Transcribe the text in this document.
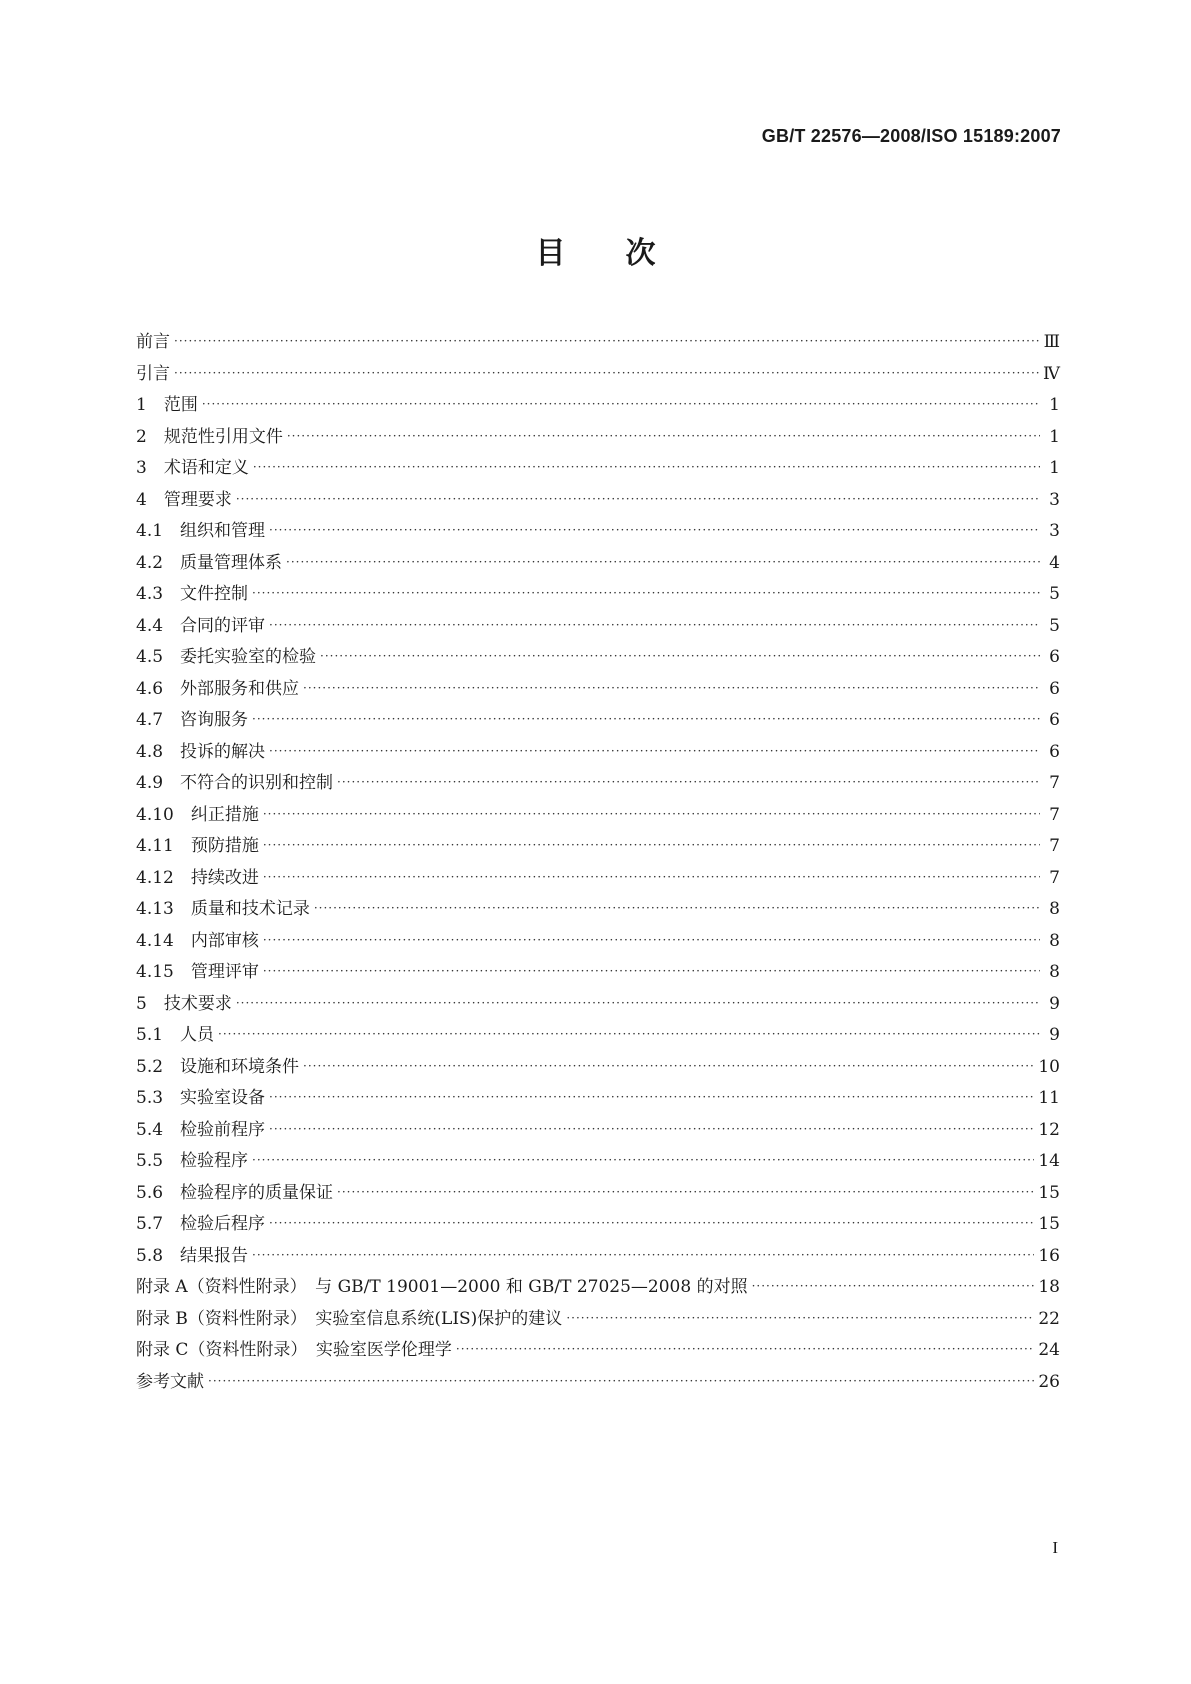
GB/T 22576—2008/ISO 15189:2007
目次
前言 ·····	Ⅲ
引言 ·····	Ⅳ
1　范围 ·····	1
2　规范性引用文件 ·····	1
3　术语和定义 ·····	1
4　管理要求 ·····	3
4.1　组织和管理 ·····	3
4.2　质量管理体系 ·····	4
4.3　文件控制 ·····	5
4.4　合同的评审 ·····	5
4.5　委托实验室的检验 ·····	6
4.6　外部服务和供应 ·····	6
4.7　咨询服务 ·····	6
4.8　投诉的解决 ·····	6
4.9　不符合的识别和控制 ·····	7
4.10　纠正措施 ·····	7
4.11　预防措施 ·····	7
4.12　持续改进 ·····	7
4.13　质量和技术记录 ·····	8
4.14　内部审核 ·····	8
4.15　管理评审 ·····	8
5　技术要求 ·····	9
5.1　人员 ·····	9
5.2　设施和环境条件 ·····	10
5.3　实验室设备 ·····	11
5.4　检验前程序 ·····	12
5.5　检验程序 ·····	14
5.6　检验程序的质量保证 ·····	15
5.7　检验后程序 ·····	15
5.8　结果报告 ·····	16
附录 A（资料性附录）　与 GB/T 19001—2000 和 GB/T 27025—2008 的对照 ·····	18
附录 B（资料性附录）　实验室信息系统(LIS)保护的建议 ·····	22
附录 C（资料性附录）　实验室医学伦理学 ·····	24
参考文献 ·····	26
I
